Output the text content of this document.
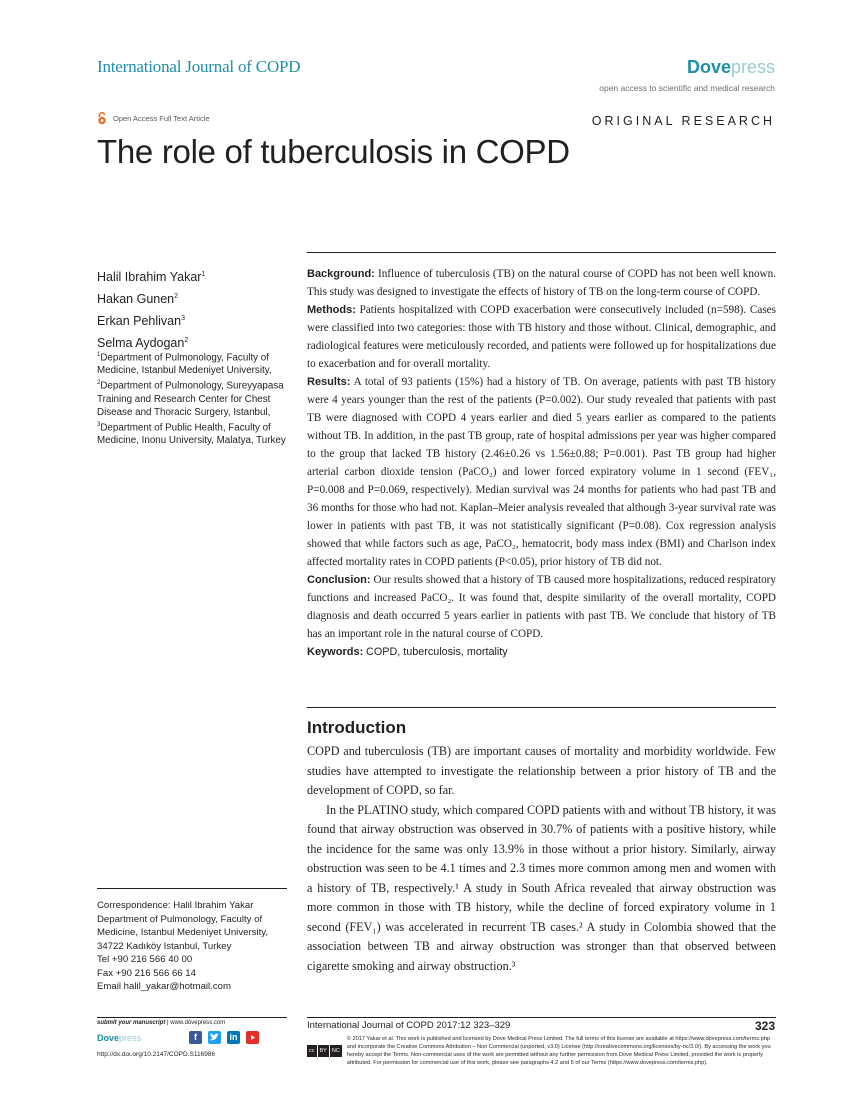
International Journal of COPD	Dovepress
open access to scientific and medical research
Open Access Full Text Article	ORIGINAL RESEARCH
The role of tuberculosis in COPD
Halil Ibrahim Yakar$^1$
Hakan Gunen$^2$
Erkan Pehlivan$^3$
Selma Aydogan$^2$
$^1$Department of Pulmonology, Faculty of Medicine, Istanbul Medeniyet University, $^2$Department of Pulmonology, Sureyyapasa Training and Research Center for Chest Disease and Thoracic Surgery, Istanbul, $^3$Department of Public Health, Faculty of Medicine, Inonu University, Malatya, Turkey

Background: Influence of tuberculosis (TB) on the natural course of COPD has not been well known. This study was designed to investigate the effects of history of TB on the long-term course of COPD.

Methods: Patients hospitalized with COPD exacerbation were consecutively included (n=598). Cases were classified into two categories: those with TB history and those without. Clinical, demographic, and radiological features were meticulously recorded, and patients were followed up for hospitalizations due to exacerbation and for overall mortality.

Results: A total of 93 patients (15%) had a history of TB. On average, patients with past TB history were 4 years younger than the rest of the patients (P=0.002). Our study revealed that patients with past TB were diagnosed with COPD 4 years earlier and died 5 years earlier as compared to the patients without TB. In addition, in the past TB group, rate of hospital admissions per year was higher compared to the group that lacked TB history (2.46±0.26 vs 1.56±0.88; P=0.001). Past TB group had higher arterial carbon dioxide tension (PaCO₂) and lower forced expiratory volume in 1 second (FEV₁, P=0.008 and P=0.069, respectively). Median survival was 24 months for patients who had past TB and 36 months for those who had not. Kaplan–Meier analysis revealed that although 3-year survival rate was lower in patients with past TB, it was not statistically significant (P=0.08). Cox regression analysis showed that while factors such as age, PaCO₂, hematocrit, body mass index (BMI) and Charlson index affected mortality rates in COPD patients (P<0.05), prior history of TB did not.

Conclusion: Our results showed that a history of TB caused more hospitalizations, reduced respiratory functions and increased PaCO₂. It was found that, despite similarity of the overall mortality, COPD diagnosis and death occurred 5 years earlier in patients with past TB. We conclude that history of TB has an important role in the natural course of COPD.

Keywords: COPD, tuberculosis, mortality

Introduction

COPD and tuberculosis (TB) are important causes of mortality and morbidity worldwide. Few studies have attempted to investigate the relationship between a prior history of TB and the development of COPD, so far.

In the PLATINO study, which compared COPD patients with and without TB history, it was found that airway obstruction was observed in 30.7% of patients with a positive history, while the incidence for the same was only 13.9% in those without a prior history. Similarly, airway obstruction was seen to be 4.1 times and 2.3 times more common among men and women with a history of TB, respectively.¹ A study in South Africa revealed that airway obstruction was more common in those with TB history, while the decline of forced expiratory volume in 1 second (FEV₁) was accelerated in recurrent TB cases.² A study in Colombia showed that the association between TB and airway obstruction was stronger than that observed between cigarette smoking and airway obstruction.³

Correspondence: Halil Ibrahim Yakar
Department of Pulmonology, Faculty of
Medicine, Istanbul Medeniyet University,
34722 Kadıköy Istanbul, Turkey
Tel +90 216 566 40 00
Fax +90 216 566 66 14
Email halil_yakar@hotmail.com
submit your manuscript | www.dovepress.com
Dovepress	f	in
http://dx.doi.org/10.2147/COPD.S116986
International Journal of COPD 2017:12 323–329	323
cc BY NC
© 2017 Yakar et al. This work is published and licensed by Dove Medical Press Limited. The full terms of this license are available at https://www.dovepress.com/terms.php and incorporate the Creative Commons Attribution – Non Commercial (unported, v3.0) License (http://creativecommons.org/licenses/by-nc/3.0/). By accessing the work you hereby accept the Terms. Non-commercial uses of the work are permitted without any further permission from Dove Medical Press Limited, provided the work is properly attributed. For permission for commercial use of this work, please see paragraphs 4.2 and 5 of our Terms (https://www.dovepress.com/terms.php).
